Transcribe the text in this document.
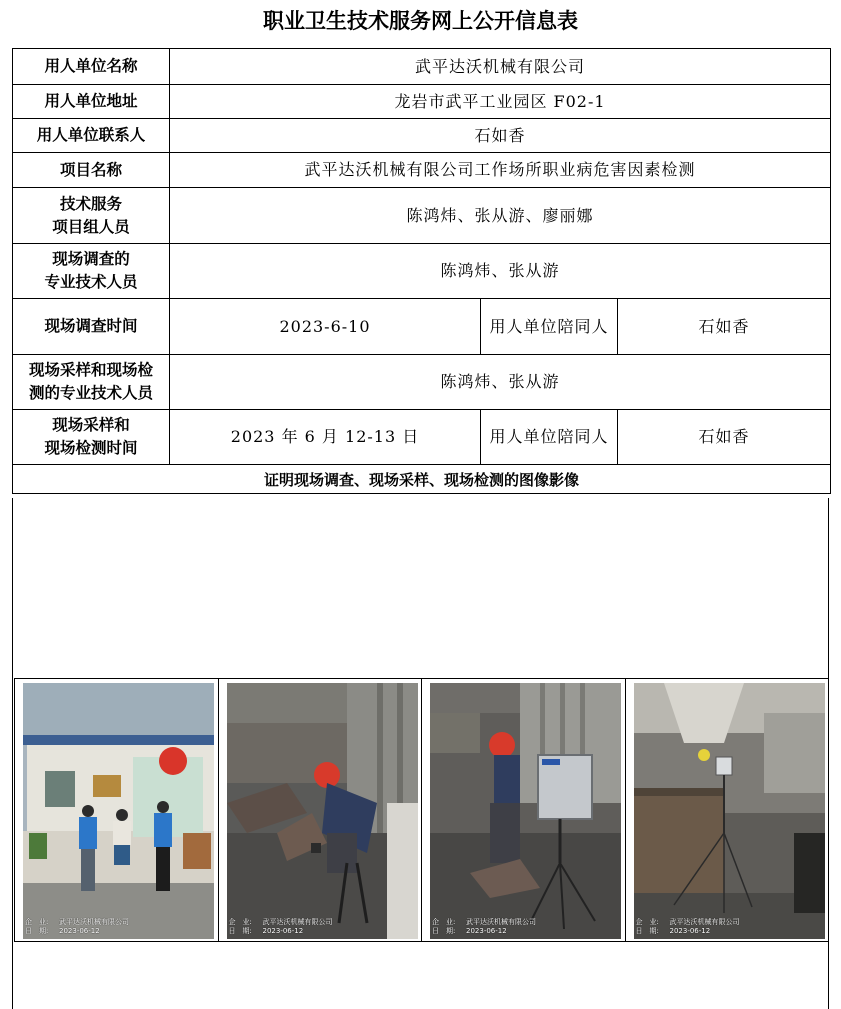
职业卫生技术服务网上公开信息表
用人单位名称	武平达沃机械有限公司		
用人单位地址	龙岩市武平工业园区 F02-1		
用人单位联系人	石如香		
项目名称	武平达沃机械有限公司工作场所职业病危害因素检测		

技术服务
项目组人员	陈鸿炜、张从游、廖丽娜		

现场调查的
专业技术人员	陈鸿炜、张从游		
现场调查时间	2023-6-10	用人单位陪同人	石如香

现场采样和现场检
测的专业技术人员	陈鸿炜、张从游		

现场采样和
现场检测时间	2023 年 6 月 12-13 日	用人单位陪同人	石如香
证明现场调查、现场采样、现场检测的图像影像			
企　业: 武平达沃机械有限公司
日　期: 2023-06-12
企　业: 武平达沃机械有限公司
日　期: 2023-06-12
企　业: 武平达沃机械有限公司
日　期: 2023-06-12
企　业: 武平达沃机械有限公司
日　期: 2023-06-12
